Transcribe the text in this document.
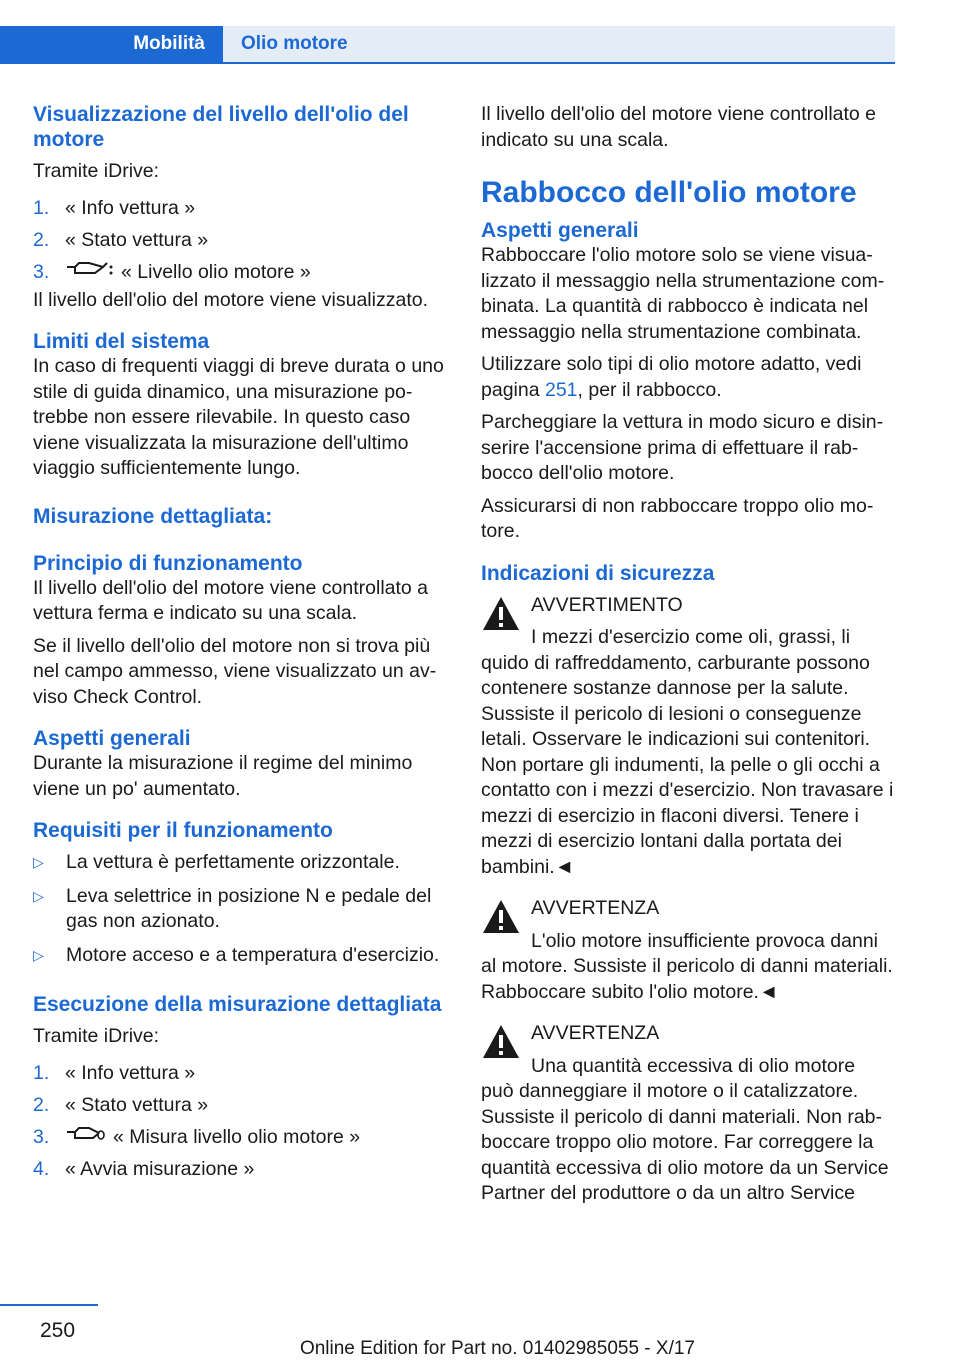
Mobilità Olio motore
Visualizzazione del livello dell'olio del motore

Tramite iDrive:

1. « Info vettura »
2. « Stato vettura »
3.	« Livello olio motore »

Il livello dell'olio del motore viene visualizzato.

Limiti del sistema

In caso di frequenti viaggi di breve durata o uno stile di guida dinamico, una misurazione potrebbe non essere rilevabile. In questo caso viene visualizzata la misurazione dell'ultimo viaggio sufficientemente lungo.

Misurazione dettagliata:
Principio di funzionamento

Il livello dell'olio del motore viene controllato a vettura ferma e indicato su una scala.

Se il livello dell'olio del motore non si trova più nel campo ammesso, viene visualizzato un avviso Check Control.

Aspetti generali

Durante la misurazione il regime del minimo viene un po' aumentato.

Requisiti per il funzionamento
▷ La vettura è perfettamente orizzontale.
▷ Leva selettrice in posizione N e pedale del gas non azionato.
▷ Motore acceso e a temperatura d'esercizio.
Esecuzione della misurazione dettagliata

Tramite iDrive:

1. « Info vettura »
2. « Stato vettura »
3.	« Misura livello olio motore »
4. « Avvia misurazione »

Il livello dell'olio del motore viene controllato e indicato su una scala.

Rabbocco dell'olio motore
Aspetti generali

Rabboccare l'olio motore solo se viene visualizzato il messaggio nella strumentazione combinata. La quantità di rabbocco è indicata nel messaggio nella strumentazione combinata.

Utilizzare solo tipi di olio motore adatto, vedi pagina 251, per il rabbocco.

Parcheggiare la vettura in modo sicuro e disinserire l'accensione prima di effettuare il rabbocco dell'olio motore.

Assicurarsi di non rabboccare troppo olio motore.

Indicazioni di sicurezza

AVVERTIMENTO

I mezzi d'esercizio come oli, grassi, li

quido di raffreddamento, carburante possono contenere sostanze dannose per la salute. Sussiste il pericolo di lesioni o conseguenze letali. Osservare le indicazioni sui contenitori. Non portare gli indumenti, la pelle o gli occhi a contatto con i mezzi d'esercizio. Non travasare i mezzi di esercizio in flaconi diversi. Tenere i mezzi di esercizio lontani dalla portata dei bambini.◄

AVVERTENZA

L'olio motore insufficiente provoca danni

al motore. Sussiste il pericolo di danni materiali. Rabboccare subito l'olio motore.◄

AVVERTENZA

Una quantità eccessiva di olio motore

può danneggiare il motore o il catalizzatore. Sussiste il pericolo di danni materiali. Non rabboccare troppo olio motore. Far correggere la quantità eccessiva di olio motore da un Service Partner del produttore o da un altro Service

250
Online Edition for Part no. 01402985055 - X/17
